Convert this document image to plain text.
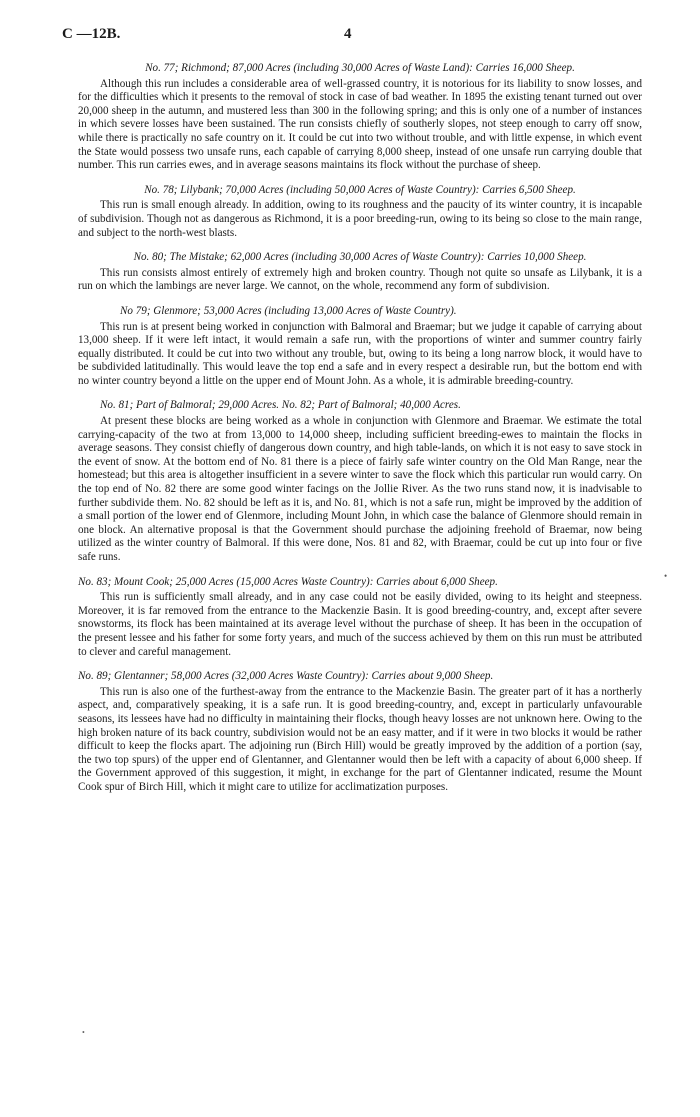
C —12B.	4

No. 77; Richmond; 87,000 Acres (including 30,000 Acres of Waste Land): Carries 16,000 Sheep.

Although this run includes a considerable area of well-grassed country, it is notorious for its liability to snow losses, and for the difficulties which it presents to the removal of stock in case of bad weather. In 1895 the existing tenant turned out over 20,000 sheep in the autumn, and mustered less than 300 in the following spring; and this is only one of a number of instances in which severe losses have been sustained. The run consists chiefly of southerly slopes, not steep enough to carry off snow, while there is practically no safe country on it. It could be cut into two without trouble, and with little expense, in which event the State would possess two unsafe runs, each capable of carrying 8,000 sheep, instead of one unsafe run carrying double that number. This run carries ewes, and in average seasons maintains its flock without the purchase of sheep.

No. 78; Lilybank; 70,000 Acres (including 50,000 Acres of Waste Country): Carries 6,500 Sheep.

This run is small enough already. In addition, owing to its roughness and the paucity of its winter country, it is incapable of subdivision. Though not as dangerous as Richmond, it is a poor breeding-run, owing to its being so close to the main range, and subject to the north-west blasts.

No. 80; The Mistake; 62,000 Acres (including 30,000 Acres of Waste Country): Carries 10,000 Sheep.

This run consists almost entirely of extremely high and broken country. Though not quite so unsafe as Lilybank, it is a run on which the lambings are never large. We cannot, on the whole, recommend any form of subdivision.

No 79; Glenmore; 53,000 Acres (including 13,000 Acres of Waste Country).

This run is at present being worked in conjunction with Balmoral and Braemar; but we judge it capable of carrying about 13,000 sheep. If it were left intact, it would remain a safe run, with the proportions of winter and summer country fairly equally distributed. It could be cut into two without any trouble, but, owing to its being a long narrow block, it would have to be subdivided latitudinally. This would leave the top end a safe and in every respect a desirable run, but the bottom end with no winter country beyond a little on the upper end of Mount John. As a whole, it is admirable breeding-country.

No. 81; Part of Balmoral; 29,000 Acres. No. 82; Part of Balmoral; 40,000 Acres.

At present these blocks are being worked as a whole in conjunction with Glenmore and Braemar. We estimate the total carrying-capacity of the two at from 13,000 to 14,000 sheep, including sufficient breeding-ewes to maintain the flocks in average seasons. They consist chiefly of dangerous down country, and high table-lands, on which it is not easy to save stock in the event of snow. At the bottom end of No. 81 there is a piece of fairly safe winter country on the Old Man Range, near the homestead; but this area is altogether insufficient in a severe winter to save the flock which this particular run would carry. On the top end of No. 82 there are some good winter facings on the Jollie River. As the two runs stand now, it is inadvisable to further subdivide them. No. 82 should be left as it is, and No. 81, which is not a safe run, might be improved by the addition of a small portion of the lower end of Glenmore, including Mount John, in which case the balance of Glenmore should remain in one block. An alternative proposal is that the Government should purchase the adjoining freehold of Braemar, now being utilized as the winter country of Balmoral. If this were done, Nos. 81 and 82, with Braemar, could be cut up into four or five safe runs.

No. 83; Mount Cook; 25,000 Acres (15,000 Acres Waste Country): Carries about 6,000 Sheep.

This run is sufficiently small already, and in any case could not be easily divided, owing to its height and steepness. Moreover, it is far removed from the entrance to the Mackenzie Basin. It is good breeding-country, and, except after severe snowstorms, its flock has been maintained at its average level without the purchase of sheep. It has been in the occupation of the present lessee and his father for some forty years, and much of the success achieved by them on this run must be attributed to clever and careful management.

No. 89; Glentanner; 58,000 Acres (32,000 Acres Waste Country): Carries about 9,000 Sheep.

This run is also one of the furthest-away from the entrance to the Mackenzie Basin. The greater part of it has a northerly aspect, and, comparatively speaking, it is a safe run. It is good breeding-country, and, except in particularly unfavourable seasons, its lessees have had no difficulty in maintaining their flocks, though heavy losses are not unknown here. Owing to the high broken nature of its back country, subdivision would not be an easy matter, and if it were in two blocks it would be rather difficult to keep the flocks apart. The adjoining run (Birch Hill) would be greatly improved by the addition of a portion (say, the two top spurs) of the upper end of Glentanner, and Glentanner would then be left with a capacity of about 6,000 sheep. If the Government approved of this suggestion, it might, in exchange for the part of Glentanner indicated, resume the Mount Cook spur of Birch Hill, which it might care to utilize for acclimatization purposes.

•
•
